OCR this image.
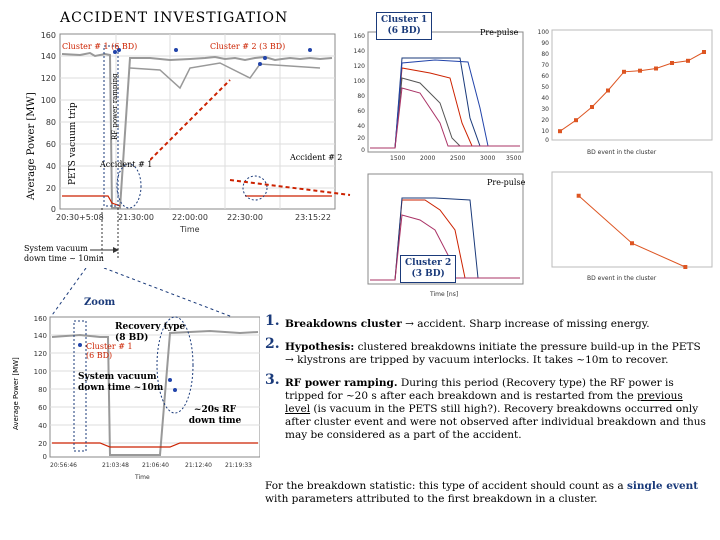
ACCIDENT INVESTIGATION
160
140
120
100
80
60
40
20
0
20:30+5:08 21:30:00 22:00:00 22:30:00	23:15:22
Time
Average Power [MW]	PETS vacuum trip	RF power ramping
Cluster # 1 (6 BD)	Cluster # 2 (3 BD)
Accident # 1
Accident # 2
System vacuum
down time ~ 10min
160
140
120
100
80
60
40
20
0
1500 2000 2500 3000 3500
Cluster 1
(6 BD)	Pre-pulse	100
90
80
70
60
50
40
30
20
10
0
BD event in the cluster
Time [ns]
Cluster 2
(3 BD)
Pre-pulse
BD event in the cluster
Zoom
160
140
120
100
80
60
40
20
0
20:56:46	21:03:48 21:06:40	21:12:40 21:19:33
Time
Average Power [MW]
Cluster # 1 (6 BD)
Recovery type (8 BD)
System vacuum down time ~10m
~20s RF down time
1. Breakdowns cluster → accident. Sharp increase of missing energy.
2. Hypothesis: clustered breakdowns initiate the pressure build-up in the PETS → klystrons are tripped by vacuum interlocks. It takes ~10m to recover.
3. RF power ramping. During this period (Recovery type) the RF power is tripped for ~20 s after each breakdown and is restarted from the previous level (is vacuum in the PETS still high?). Recovery breakdowns occurred only after cluster event and were not observed after individual breakdown and thus may be considered as a part of the accident.
For the breakdown statistic: this type of accident should count as a single event with parameters attributed to the first breakdown in a cluster.
